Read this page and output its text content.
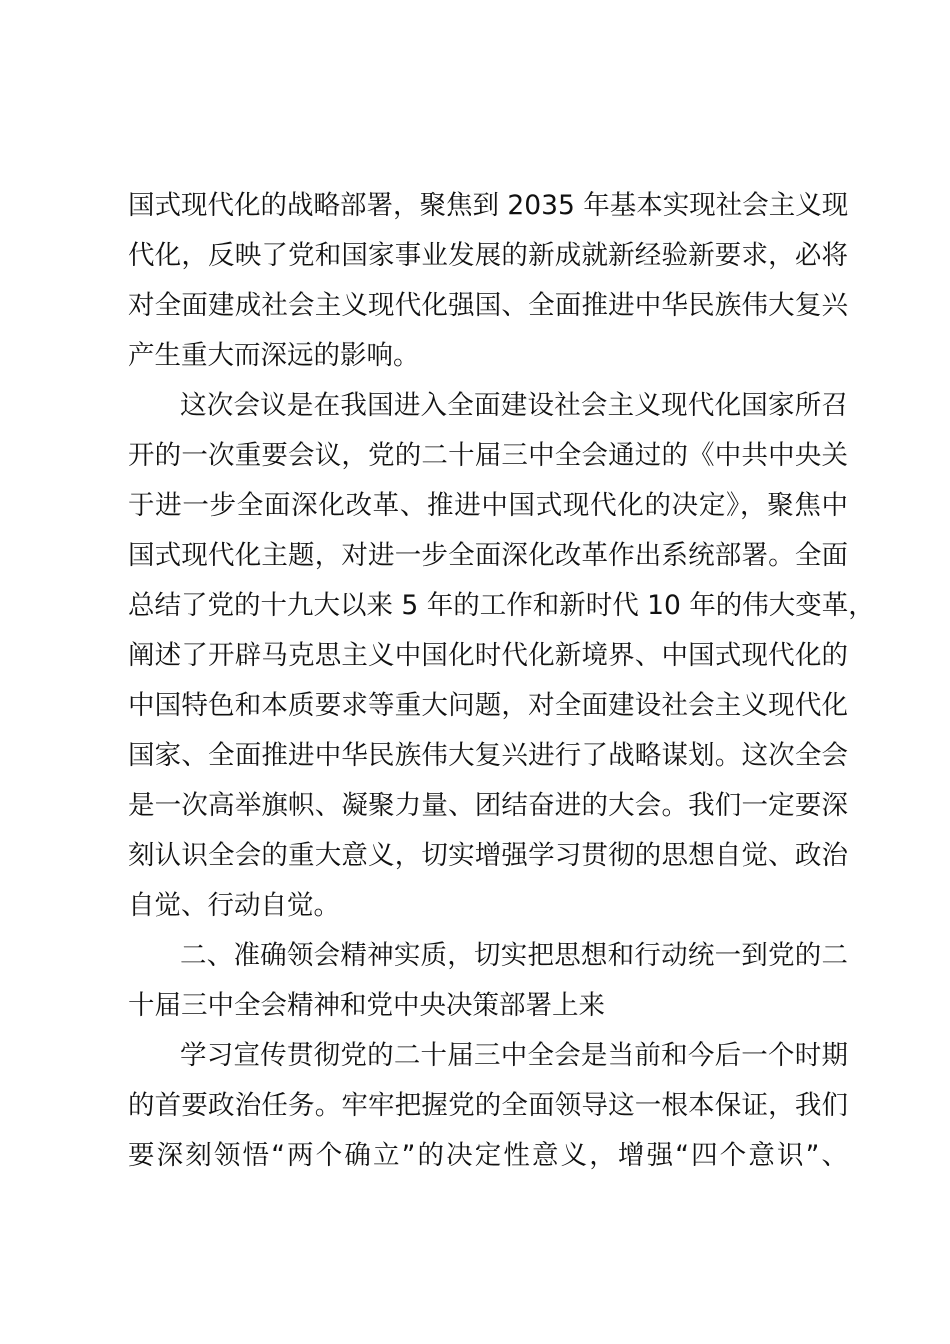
国式现代化的战略部署，聚焦到 2035 年基本实现社会主义现
代化，反映了党和国家事业发展的新成就新经验新要求，必将
对全面建成社会主义现代化强国、全面推进中华民族伟大复兴
产生重大而深远的影响。
这次会议是在我国进入全面建设社会主义现代化国家所召
开的一次重要会议，党的二十届三中全会通过的《中共中央关
于进一步全面深化改革、推进中国式现代化的决定》，聚焦中
国式现代化主题，对进一步全面深化改革作出系统部署。全面
总结了党的十九大以来 5 年的工作和新时代 10 年的伟大变革，
阐述了开辟马克思主义中国化时代化新境界、中国式现代化的
中国特色和本质要求等重大问题，对全面建设社会主义现代化
国家、全面推进中华民族伟大复兴进行了战略谋划。这次全会
是一次高举旗帜、凝聚力量、团结奋进的大会。我们一定要深
刻认识全会的重大意义，切实增强学习贯彻的思想自觉、政治
自觉、行动自觉。
二、准确领会精神实质，切实把思想和行动统一到党的二
十届三中全会精神和党中央决策部署上来
学习宣传贯彻党的二十届三中全会是当前和今后一个时期
的首要政治任务。牢牢把握党的全面领导这一根本保证，我们
要深刻领悟“两个确立”的决定性意义，增强“四个意识”、
